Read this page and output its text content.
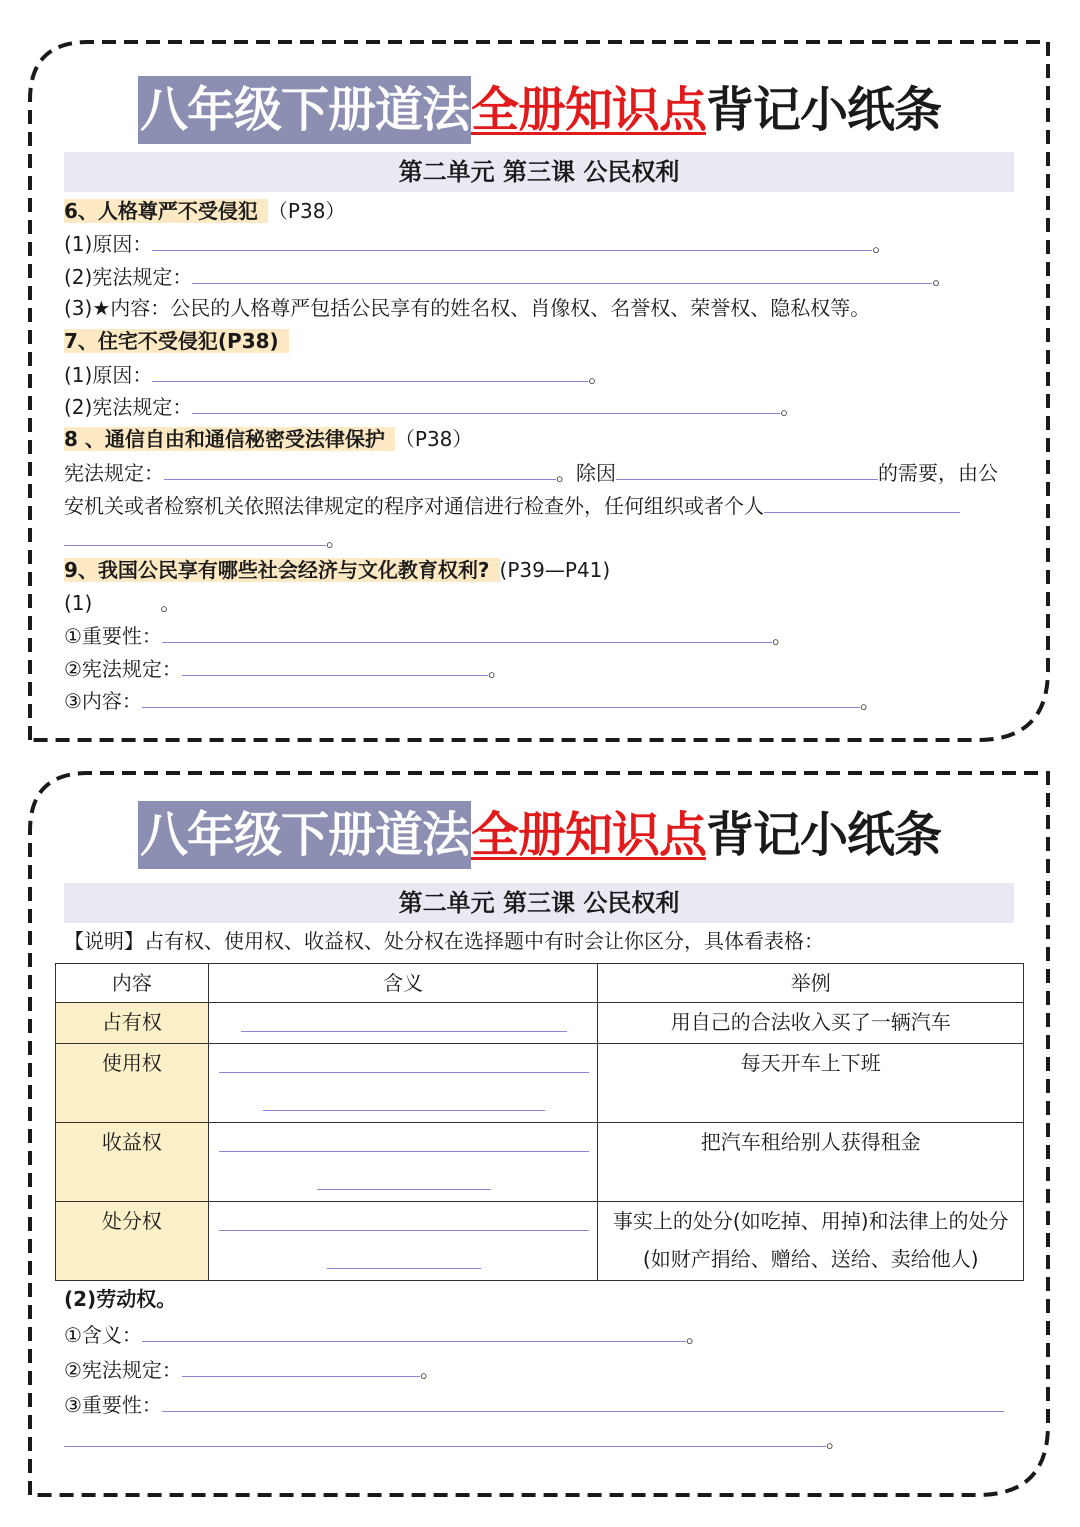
八年级下册道法 全册知识点 背记小纸条
第二单元 第三课 公民权利
6、人格尊严不受侵犯 （P38）
(1)原因：	。
(2)宪法规定：	。
(3)★内容：公民的人格尊严包括公民享有的姓名权、肖像权、名誉权、荣誉权、隐私权等。
7、住宅不受侵犯(P38)
(1)原因：	。
(2)宪法规定：	。
8 、通信自由和通信秘密受法律保护 （P38）
宪法规定：	。除因	的需要，由公
安机关或者检察机关依照法律规定的程序对通信进行检查外，任何组织或者个人
。
9、我国公民享有哪些社会经济与文化教育权利? (P39—P41)
(1)	。
①重要性：	。
②宪法规定：	。
③内容：	。
八年级下册道法 全册知识点 背记小纸条
第二单元 第三课 公民权利
【说明】占有权、使用权、收益权、处分权在选择题中有时会让你区分，具体看表格：
内容	含义	举例
占有权		用自己的合法收入买了一辆汽车
使用权		每天开车上下班
收益权		把汽车租给别人获得租金
处分权		事实上的处分(如吃掉、用掉)和法律上的处分(如财产捐给、赠给、送给、卖给他人)
(2)劳动权。
①含义：	。
②宪法规定：	。
③重要性：
。
